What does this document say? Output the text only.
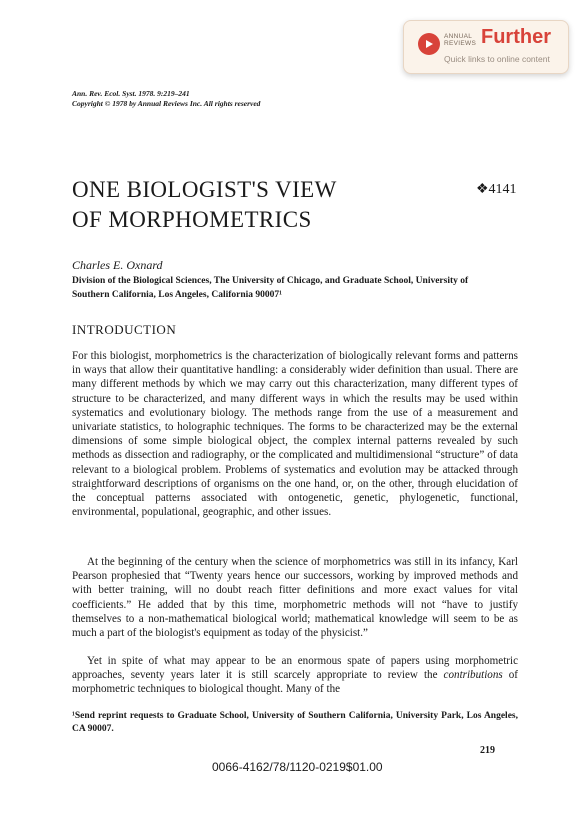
ANNUAL
REVIEWS Further
Quick links to online content
Ann. Rev. Ecol. Syst. 1978. 9:219–241
Copyright © 1978 by Annual Reviews Inc. All rights reserved
ONE BIOLOGIST'S VIEW
OF MORPHOMETRICS
❖4141
Charles E. Oxnard
Division of the Biological Sciences, The University of Chicago, and Graduate School, University of Southern California, Los Angeles, California 90007¹
INTRODUCTION

For this biologist, morphometrics is the characterization of biologically relevant forms and patterns in ways that allow their quantitative handling: a considerably wider definition than usual. There are many different methods by which we may carry out this characterization, many different types of structure to be characterized, and many different ways in which the results may be used within systematics and evolutionary biology. The methods range from the use of a measurement and univariate statistics, to holographic techniques. The forms to be characterized may be the external dimensions of some simple biological object, the complex internal patterns revealed by such methods as dissection and radiography, or the complicated and multidimensional “structure” of data relevant to a biological problem. Problems of systematics and evolution may be attacked through straightforward descriptions of organisms on the one hand, or, on the other, through elucidation of the conceptual patterns associated with ontogenetic, genetic, phylogenetic, functional, environmental, populational, geographic, and other issues.

At the beginning of the century when the science of morphometrics was still in its infancy, Karl Pearson prophesied that “Twenty years hence our successors, working by improved methods and with better training, will no doubt reach fitter definitions and more exact values for vital coefficients.” He added that by this time, morphometric methods will not “have to justify themselves to a non-mathematical biological world; mathematical knowledge will seem to be as much a part of the biologist's equipment as today of the physicist.”

Yet in spite of what may appear to be an enormous spate of papers using morphometric approaches, seventy years later it is still scarcely appropriate to review the contributions of morphometric techniques to biological thought. Many of the

¹Send reprint requests to Graduate School, University of Southern California, University Park, Los Angeles, CA 90007.
219
0066-4162/78/1120-0219$01.00
